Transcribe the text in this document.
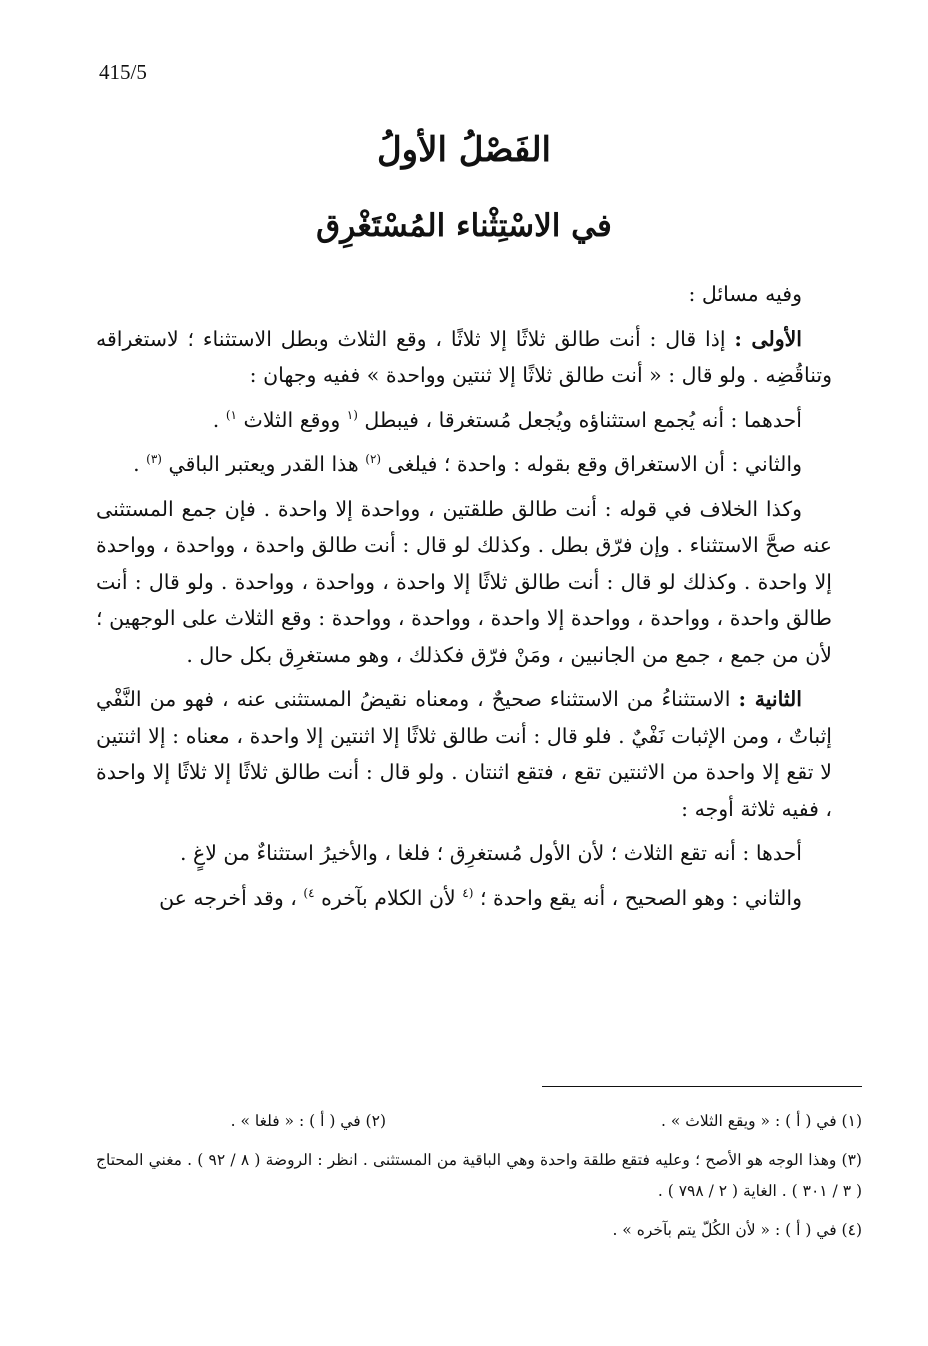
415/5
الفَصْلُ الأولُ
في الاسْتِثْناء المُسْتَغْرِق

وفيه مسائل :

الأولى : إذا قال : أنت طالق ثلاثًا إلا ثلاثًا ، وقع الثلاث وبطل الاستثناء ؛ لاستغراقه وتناقُضِه . ولو قال : « أنت طالق ثلاثًا إلا ثنتين وواحدة » ففيه وجهان :

أحدهما : أنه يُجمع استثناؤه ويُجعل مُستغرقا ، فيبطل $^{(١}$ ووقع الثلاث $^{١)}$ .

والثاني : أن الاستغراق وقع بقوله : واحدة ؛ فيلغى $^{(٢)}$ هذا القدر ويعتبر الباقي $^{(٣)}$ .

وكذا الخلاف في قوله : أنت طالق طلقتين ، وواحدة إلا واحدة . فإن جمع المستثنى عنه صحَّ الاستثناء . وإن فرّق بطل . وكذلك لو قال : أنت طالق واحدة ، وواحدة ، وواحدة إلا واحدة . وكذلك لو قال : أنت طالق ثلاثًا إلا واحدة ، وواحدة ، وواحدة . ولو قال : أنت طالق واحدة ، وواحدة ، وواحدة إلا واحدة ، وواحدة ، وواحدة : وقع الثلاث على الوجهين ؛ لأن من جمع ، جمع من الجانبين ، ومَنْ فرّق فكذلك ، وهو مستغرِق بكل حال .

الثانية : الاستثناءُ من الاستثناء صحيحٌ ، ومعناه نقيضُ المستثنى عنه ، فهو من النَّفْي إثباتٌ ، ومن الإثبات نَفْيٌ . فلو قال : أنت طالق ثلاثًا إلا اثنتين إلا واحدة ، معناه : إلا اثنتين لا تقع إلا واحدة من الاثنتين تقع ، فتقع اثنتان . ولو قال : أنت طالق ثلاثًا إلا ثلاثًا إلا واحدة ، ففيه ثلاثة أوجه :

أحدها : أنه تقع الثلاث ؛ لأن الأول مُستغرِق ؛ فلغا ، والأخيرُ استثناءٌ من لاغٍ .

والثاني : وهو الصحيح ، أنه يقع واحدة ؛ $^{(٤}$ لأن الكلام بآخره $^{٤)}$ ، وقد أخرجه عن

(١) في ( أ ) : « ويقع الثلاث » .
(٢) في ( أ ) : « فلغا » .

(٣) وهذا الوجه هو الأصح ؛ وعليه فتقع طلقة واحدة وهي الباقية من المستثنى . انظر : الروضة ( ٨ / ٩٢ ) . مغني المحتاج ( ٣ / ٣٠١ ) . الغاية ( ٢ / ٧٩٨ ) .

(٤) في ( أ ) : « لأن الكُلّ يتم بآخره » .
